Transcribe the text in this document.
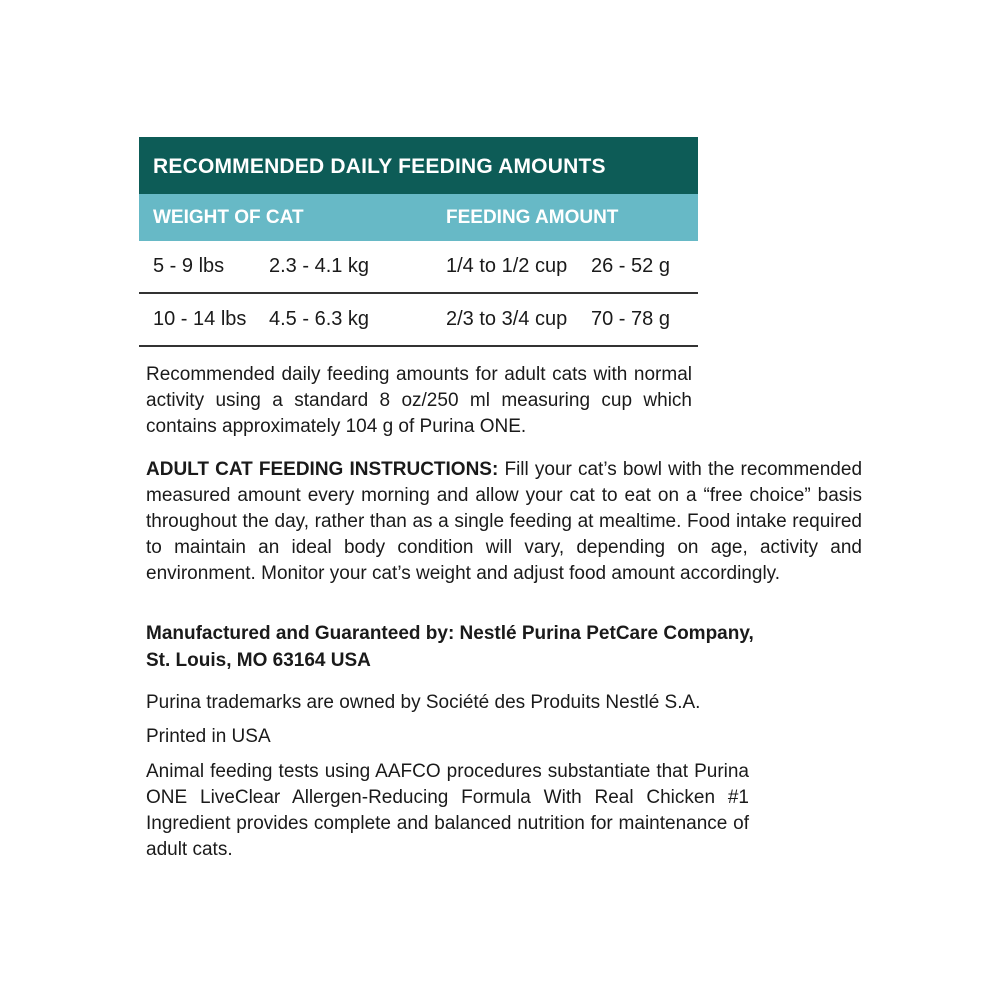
RECOMMENDED DAILY FEEDING AMOUNTS
WEIGHT OF CAT	FEEDING AMOUNT
5 - 9 lbs	2.3 - 4.1 kg	1/4 to 1/2 cup	26 - 52 g
10 - 14 lbs	4.5 - 6.3 kg	2/3 to 3/4 cup	70 - 78 g

Recommended daily feeding amounts for adult cats with normal activity using a standard 8 oz/250 ml measuring cup which contains approximately 104 g of Purina ONE.

ADULT CAT FEEDING INSTRUCTIONS: Fill your cat’s bowl with the recommended measured amount every morning and allow your cat to eat on a “free choice” basis throughout the day, rather than as a single feeding at mealtime. Food intake required to maintain an ideal body condition will vary, depending on age, activity and environment. Monitor your cat’s weight and adjust food amount accordingly.

Manufactured and Guaranteed by: Nestlé Purina PetCare Company,
St. Louis, MO 63164 USA
Purina trademarks are owned by Société des Produits Nestlé S.A.
Printed in USA

Animal feeding tests using AAFCO procedures substantiate that Purina ONE LiveClear Allergen-Reducing Formula With Real Chicken #1 Ingredient provides complete and balanced nutrition for maintenance of adult cats.
